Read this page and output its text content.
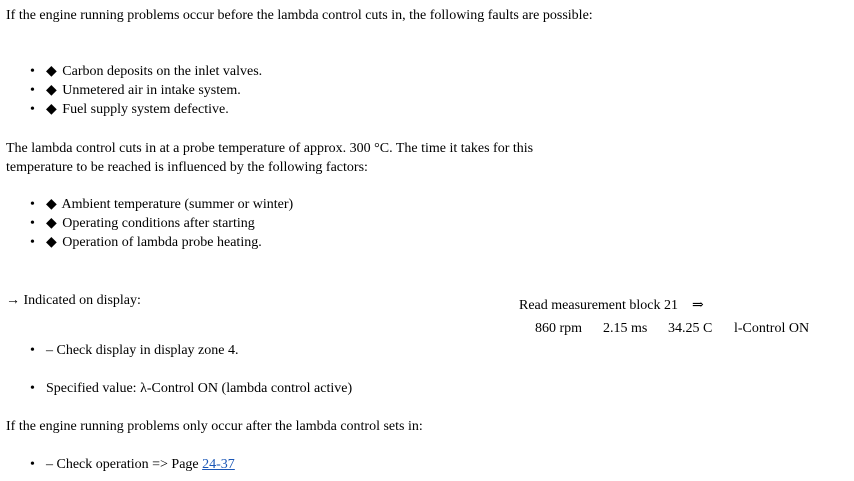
If the engine running problems occur before the lambda control cuts in, the following faults are possible:
• ◆ Carbon deposits on the inlet valves.
• ◆ Unmetered air in intake system.
• ◆ Fuel supply system defective.
The lambda control cuts in at a probe temperature of approx. 300 °C. The time it takes for this temperature to be reached is influenced by the following factors:
• ◆ Ambient temperature (summer or winter)
• ◆ Operating conditions after starting
• ◆ Operation of lambda probe heating.
→ Indicated on display:	Read measurement block 21 ⇒
860 rpm 2.15 ms 34.25 C l-Control ON
• – Check display in display zone 4.
• Specified value: λ-Control ON (lambda control active)
If the engine running problems only occur after the lambda control sets in:
• – Check operation => Page 24-37
